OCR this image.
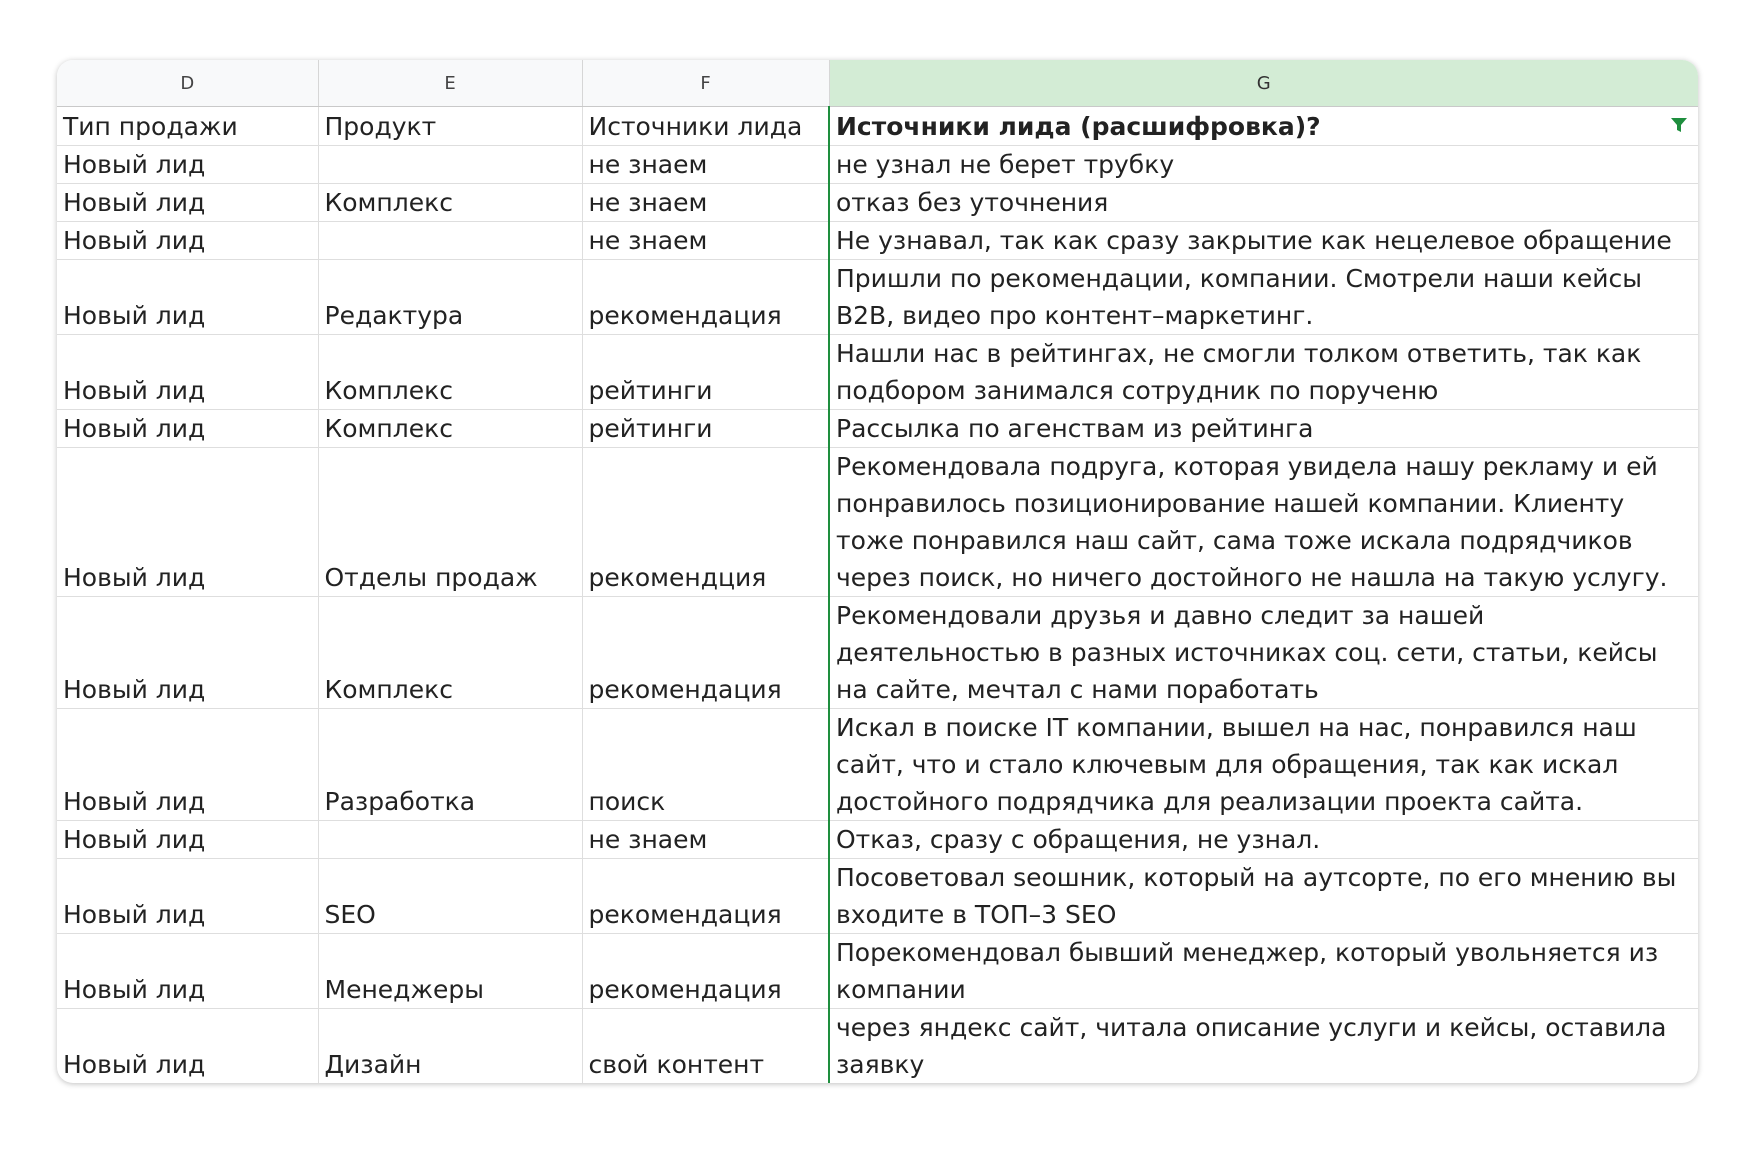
D	E	F	G
Тип продажи	Продукт	Источники лида	Источники лида (расшифровка)?

Новый лид		не знаем	не узнал не берет трубку
Новый лид	Комплекс	не знаем	отказ без уточнения
Новый лид		не знаем	Не узнавал, так как сразу закрытие как нецелевое обращение
Новый лид	Редактура	рекомендация	Пришли по рекомендации, компании. Смотрели наши кейсы B2B, видео про контент–маркетинг.
Новый лид	Комплекс	рейтинги	Нашли нас в рейтингах, не смогли толком ответить, так как подбором занимался сотрудник по порученю
Новый лид	Комплекс	рейтинги	Рассылка по агенствам из рейтинга
Новый лид	Отделы продаж	рекомендция	Рекомендовала подруга, которая увидела нашу рекламу и ей понравилось позиционирование нашей компании. Клиенту тоже понравился наш сайт, сама тоже искала подрядчиков через поиск, но ничего достойного не нашла на такую услугу.
Новый лид	Комплекс	рекомендация	Рекомендовали друзья и давно следит за нашей деятельностью в разных источниках соц. сети, статьи, кейсы на сайте, мечтал с нами поработать
Новый лид	Разработка	поиск	Искал в поиске IT компании, вышел на нас, понравился наш сайт, что и стало ключевым для обращения, так как искал достойного подрядчика для реализации проекта сайта.
Новый лид		не знаем	Отказ, сразу с обращения, не узнал.
Новый лид	SEO	рекомендация	Посоветовал seoшник, который на аутсорте, по его мнению вы входите в ТОП–3 SEO
Новый лид	Менеджеры	рекомендация	Порекомендовал бывший менеджер, который увольняется из компании
Новый лид	Дизайн	свой контент	через яндекс сайт, читала описание услуги и кейсы, оставила заявку
